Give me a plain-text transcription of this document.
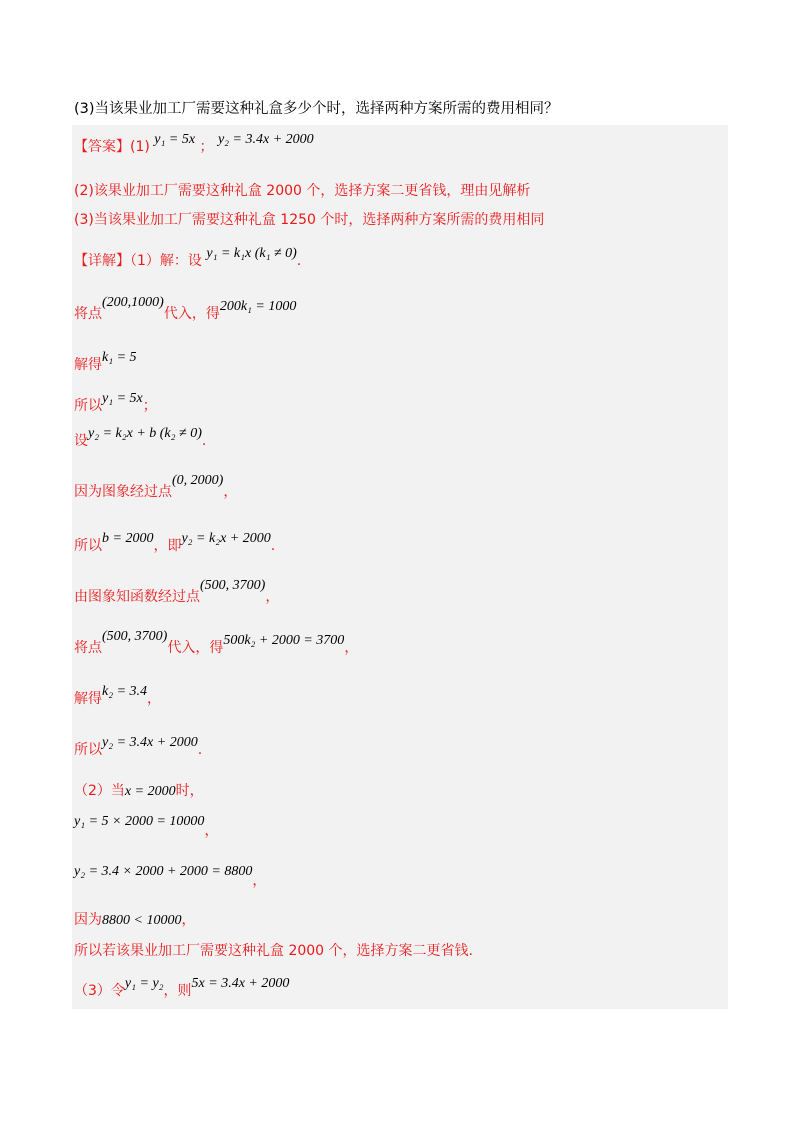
(3)当该果业加工厂需要这种礼盒多少个时，选择两种方案所需的费用相同？
【答案】(1) y₁ = 5x ； y₂ = 3.4x + 2000
(2)该果业加工厂需要这种礼盒 2000 个，选择方案二更省钱，理由见解析
(3)当该果业加工厂需要这种礼盒 1250 个时，选择两种方案所需的费用相同
【详解】（1）解：设 y₁ = k₁x (k₁ ≠ 0).
将点(200,1000)代入，得200k₁ = 1000
解得k₁ = 5
所以y₁ = 5x；
设y₂ = k₂x + b (k₂ ≠ 0).
因为图象经过点(0, 2000)，
所以b = 2000，即y₂ = k₂x + 2000.
由图象知函数经过点(500, 3700)，
将点(500, 3700)代入，得500k₂ + 2000 = 3700，
解得k₂ = 3.4，
所以y₂ = 3.4x + 2000.
（2）当x = 2000时，
y₁ = 5 × 2000 = 10000，
y₂ = 3.4 × 2000 + 2000 = 8800，
因为8800 < 10000，
所以若该果业加工厂需要这种礼盒 2000 个，选择方案二更省钱.
（3）令y₁ = y₂，则5x = 3.4x + 2000
